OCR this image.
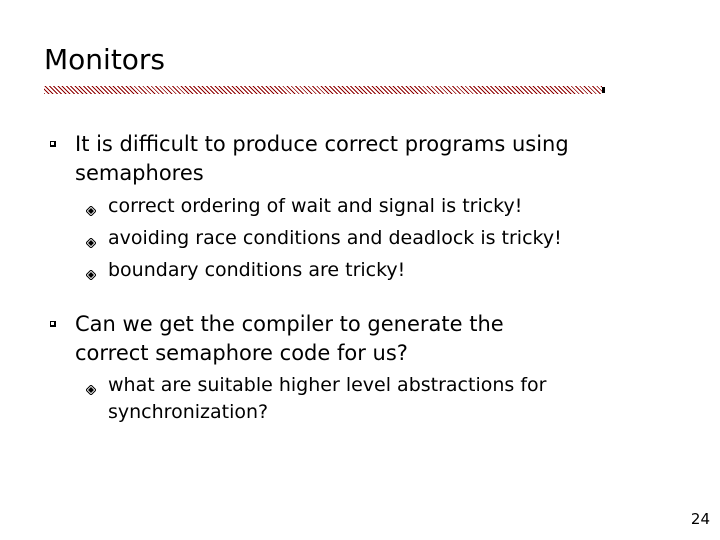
Monitors
It is difficult to produce correct programs using semaphores
correct ordering of wait and signal is tricky!
avoiding race conditions and deadlock is tricky!
boundary conditions are tricky!
Can we get the compiler to generate the correct semaphore code for us?
what are suitable higher level abstractions for synchronization?
24
